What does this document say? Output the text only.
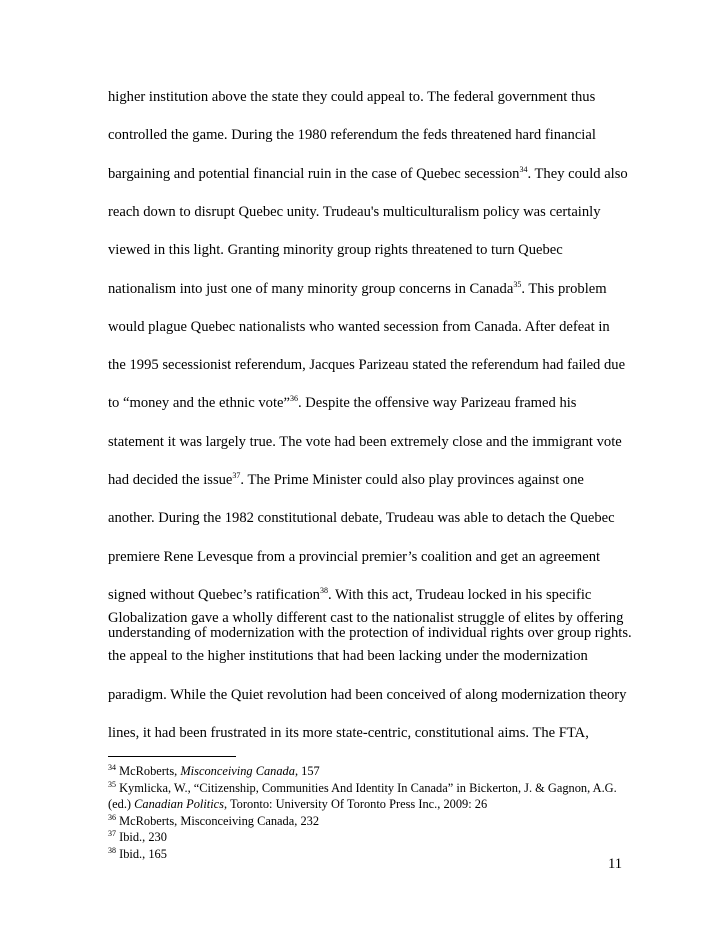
higher institution above the state they could appeal to. The federal government thus
controlled the game. During the 1980 referendum the feds threatened hard financial
bargaining and potential financial ruin in the case of Quebec secession$^{34}$. They could also
reach down to disrupt Quebec unity. Trudeau's multiculturalism policy was certainly
viewed in this light. Granting minority group rights threatened to turn Quebec
nationalism into just one of many minority group concerns in Canada$^{35}$. This problem
would plague Quebec nationalists who wanted secession from Canada. After defeat in
the 1995 secessionist referendum, Jacques Parizeau stated the referendum had failed due
to “money and the ethnic vote”$^{36}$. Despite the offensive way Parizeau framed his
statement it was largely true. The vote had been extremely close and the immigrant vote
had decided the issue$^{37}$. The Prime Minister could also play provinces against one
another. During the 1982 constitutional debate, Trudeau was able to detach the Quebec
premiere Rene Levesque from a provincial premier’s coalition and get an agreement
signed without Quebec’s ratification$^{38}$. With this act, Trudeau locked in his specific
understanding of modernization with the protection of individual rights over group rights.
Globalization gave a wholly different cast to the nationalist struggle of elites by offering
the appeal to the higher institutions that had been lacking under the modernization
paradigm. While the Quiet revolution had been conceived of along modernization theory
lines, it had been frustrated in its more state-centric, constitutional aims. The FTA,
$^{34}$ McRoberts, Misconceiving Canada, 157
$^{35}$ Kymlicka, W., “Citizenship, Communities And Identity In Canada” in Bickerton, J. & Gagnon, A.G.
(ed.) Canadian Politics, Toronto: University Of Toronto Press Inc., 2009: 26
$^{36}$ McRoberts, Misconceiving Canada, 232
$^{37}$ Ibid., 230
$^{38}$ Ibid., 165
11
